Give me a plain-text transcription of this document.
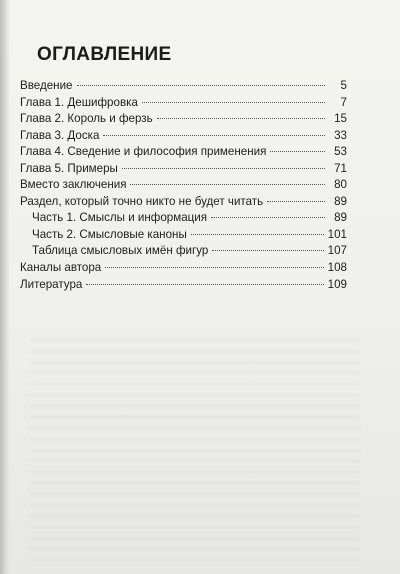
ОГЛАВЛЕНИЕ
Введение	5
Глава 1. Дешифровка	7
Глава 2. Король и ферзь	15
Глава 3. Доска	33
Глава 4. Сведение и философия применения	53
Глава 5. Примеры	71
Вместо заключения	80
Раздел, который точно никто не будет читать	89
Часть 1. Смыслы и информация	89
Часть 2. Смысловые каноны	101
Таблица смысловых имён фигур	107
Каналы автора	108
Литература	109
